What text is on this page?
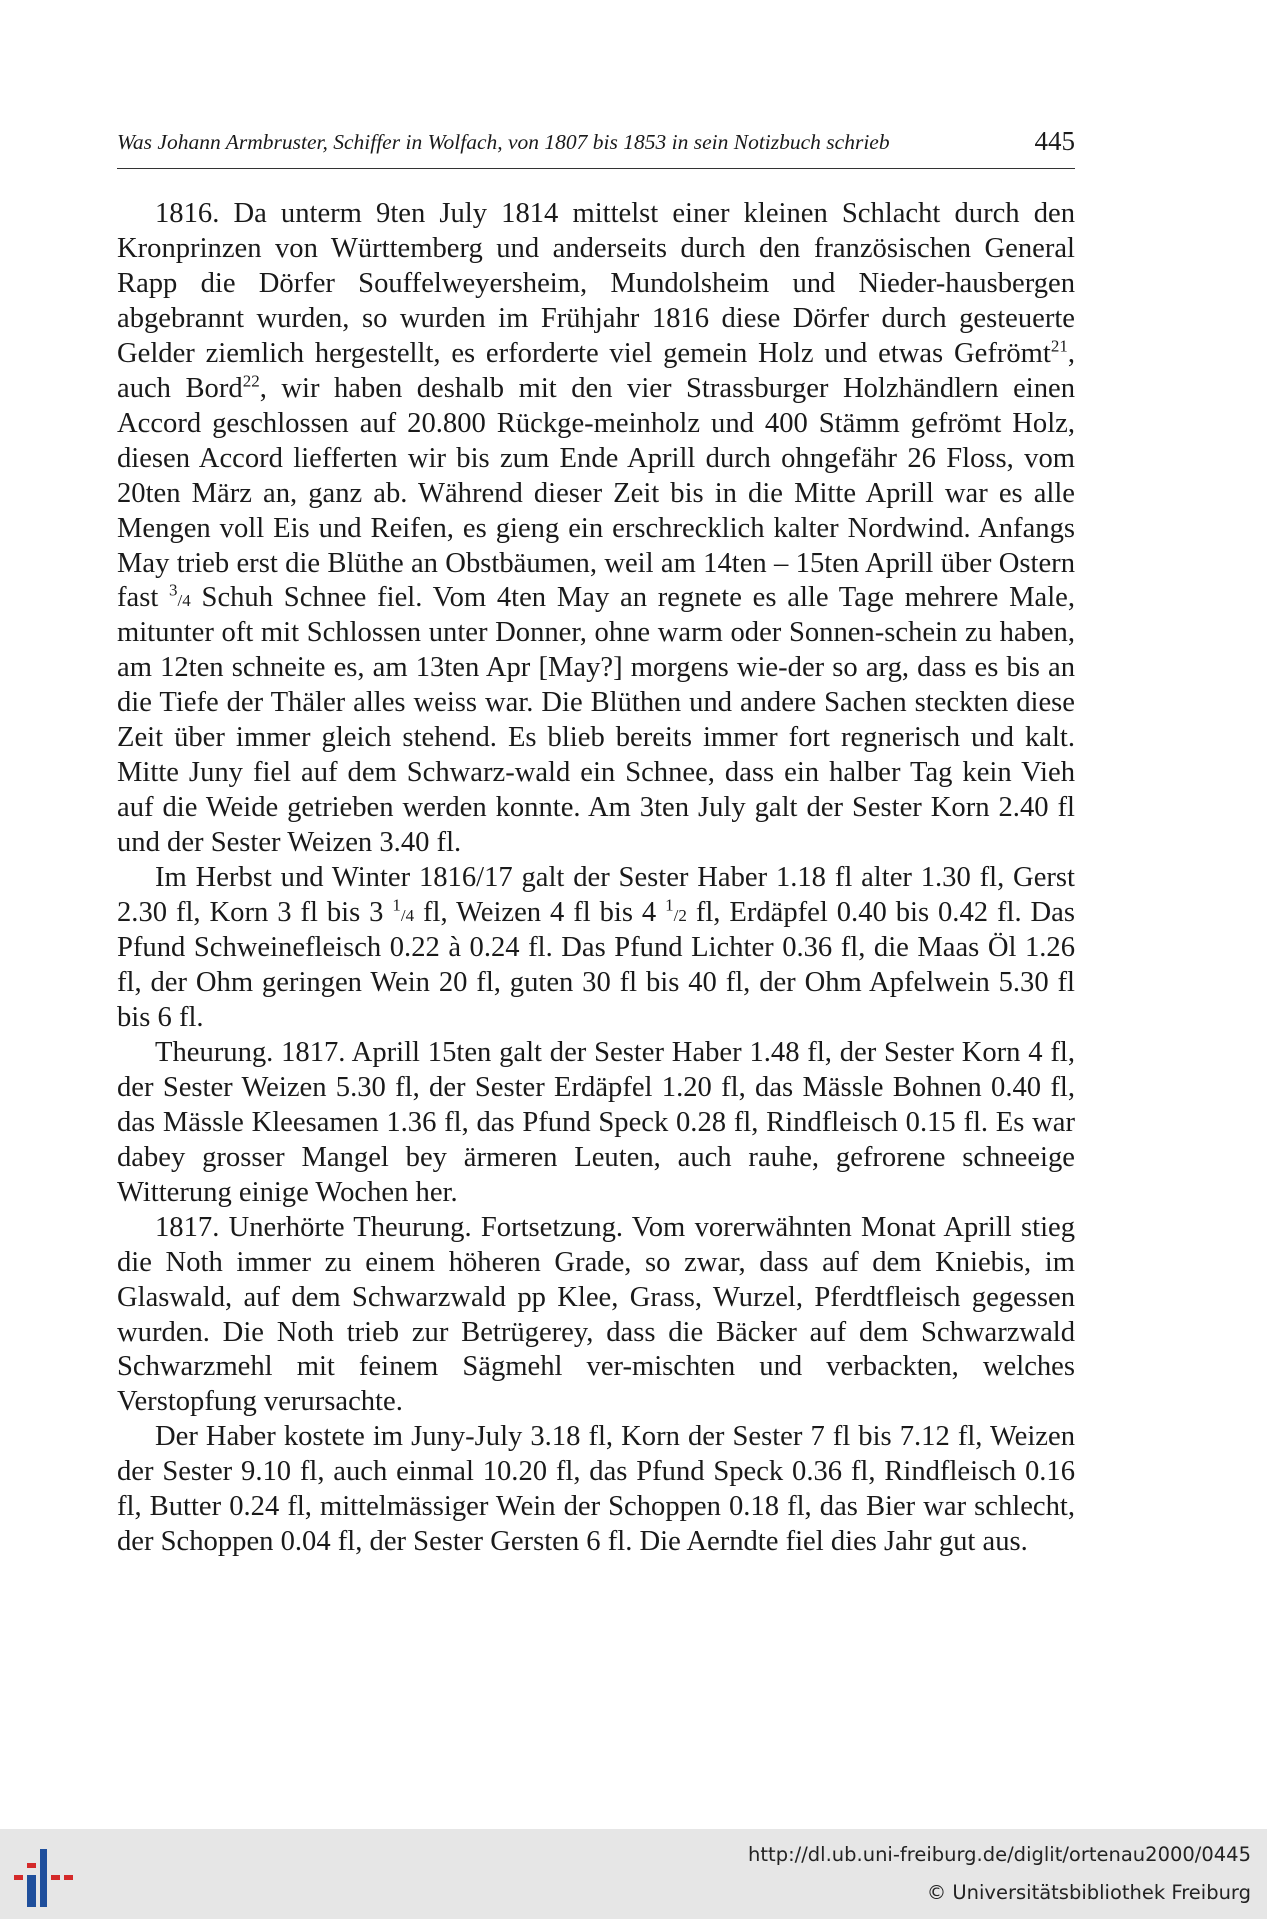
Was Johann Armbruster, Schiffer in Wolfach, von 1807 bis 1853 in sein Notizbuch schrieb	445

1816. Da unterm 9ten July 1814 mittelst einer kleinen Schlacht durch den Kronprinzen von Württemberg und anderseits durch den französischen General Rapp die Dörfer Souffelweyersheim, Mundolsheim und Nieder-hausbergen abgebrannt wurden, so wurden im Frühjahr 1816 diese Dörfer durch gesteuerte Gelder ziemlich hergestellt, es erforderte viel gemein Holz und etwas Gefrömt$^{21}$, auch Bord$^{22}$, wir haben deshalb mit den vier Strassburger Holzhändlern einen Accord geschlossen auf 20.800 Rückge-meinholz und 400 Stämm gefrömt Holz, diesen Accord liefferten wir bis zum Ende Aprill durch ohngefähr 26 Floss, vom 20ten März an, ganz ab. Während dieser Zeit bis in die Mitte Aprill war es alle Mengen voll Eis und Reifen, es gieng ein erschrecklich kalter Nordwind. Anfangs May trieb erst die Blüthe an Obstbäumen, weil am 14ten – 15ten Aprill über Ostern fast $^3$/4 Schuh Schnee fiel. Vom 4ten May an regnete es alle Tage mehrere Male, mitunter oft mit Schlossen unter Donner, ohne warm oder Sonnen-schein zu haben, am 12ten schneite es, am 13ten Apr [May?] morgens wie-der so arg, dass es bis an die Tiefe der Thäler alles weiss war. Die Blüthen und andere Sachen steckten diese Zeit über immer gleich stehend. Es blieb bereits immer fort regnerisch und kalt. Mitte Juny fiel auf dem Schwarz-wald ein Schnee, dass ein halber Tag kein Vieh auf die Weide getrieben werden konnte. Am 3ten July galt der Sester Korn 2.40 fl und der Sester Weizen 3.40 fl.

Im Herbst und Winter 1816/17 galt der Sester Haber 1.18 fl alter 1.30 fl, Gerst 2.30 fl, Korn 3 fl bis 3 $^1$/4 fl, Weizen 4 fl bis 4 $^1$/2 fl, Erdäpfel 0.40 bis 0.42 fl. Das Pfund Schweinefleisch 0.22 à 0.24 fl. Das Pfund Lichter 0.36 fl, die Maas Öl 1.26 fl, der Ohm geringen Wein 20 fl, guten 30 fl bis 40 fl, der Ohm Apfelwein 5.30 fl bis 6 fl.

Theurung. 1817. Aprill 15ten galt der Sester Haber 1.48 fl, der Sester Korn 4 fl, der Sester Weizen 5.30 fl, der Sester Erdäpfel 1.20 fl, das Mässle Bohnen 0.40 fl, das Mässle Kleesamen 1.36 fl, das Pfund Speck 0.28 fl, Rindfleisch 0.15 fl. Es war dabey grosser Mangel bey ärmeren Leuten, auch rauhe, gefrorene schneeige Witterung einige Wochen her.

1817. Unerhörte Theurung. Fortsetzung. Vom vorerwähnten Monat Aprill stieg die Noth immer zu einem höheren Grade, so zwar, dass auf dem Kniebis, im Glaswald, auf dem Schwarzwald pp Klee, Grass, Wurzel, Pferdtfleisch gegessen wurden. Die Noth trieb zur Betrügerey, dass die Bäcker auf dem Schwarzwald Schwarzmehl mit feinem Sägmehl ver-mischten und verbackten, welches Verstopfung verursachte.

Der Haber kostete im Juny-July 3.18 fl, Korn der Sester 7 fl bis 7.12 fl, Weizen der Sester 9.10 fl, auch einmal 10.20 fl, das Pfund Speck 0.36 fl, Rindfleisch 0.16 fl, Butter 0.24 fl, mittelmässiger Wein der Schoppen 0.18 fl, das Bier war schlecht, der Schoppen 0.04 fl, der Sester Gersten 6 fl. Die Aerndte fiel dies Jahr gut aus.

http://dl.ub.uni-freiburg.de/diglit/ortenau2000/0445
© Universitätsbibliothek Freiburg
